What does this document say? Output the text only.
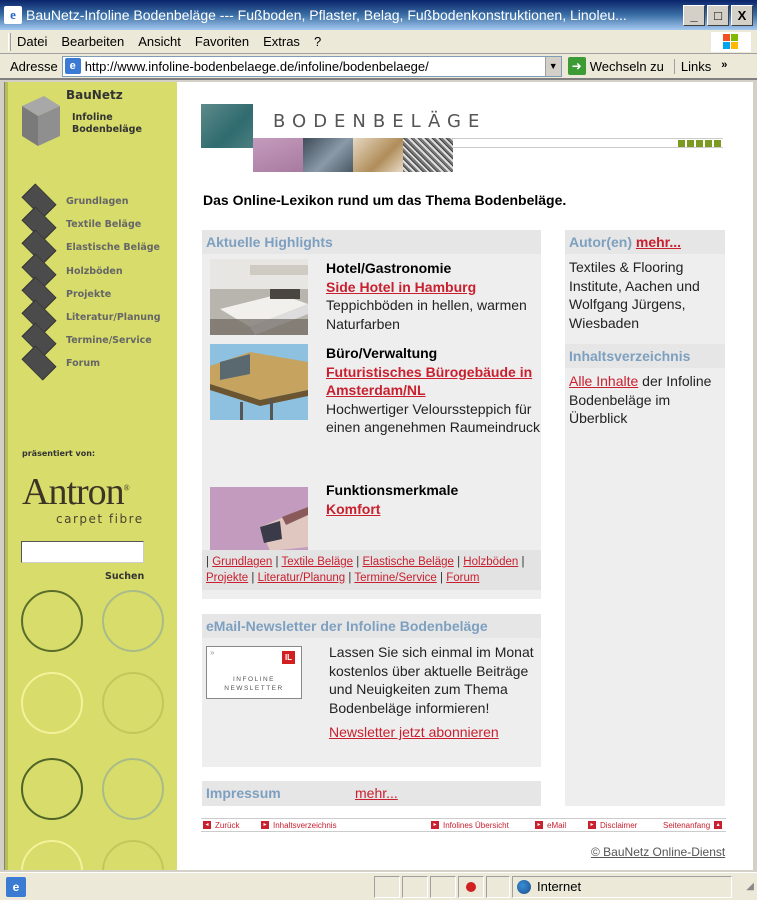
e BauNetz-Infoline Bodenbeläge --- Fußboden, Pflaster, Belag, Fußbodenkonstruktionen, Linoleu...	_	□	X
Datei Bearbeiten Ansicht Favoriten Extras ?
Adresse	e http://www.infoline-bodenbelaege.de/infoline/bodenbelaege/	▼	➜ Wechseln zu	Links »
BauNetz
Infoline
Bodenbeläge
Grundlagen
Textile Beläge
Elastische Beläge
Holzböden
Projekte
Literatur/Planung
Termine/Service
Forum
präsentiert von:
Antron®
carpet fibre
Suchen
BODENBELÄGE
Das Online-Lexikon rund um das Thema Bodenbeläge.
Aktuelle Highlights
Hotel/Gastronomie
Side Hotel in Hamburg
Teppichböden in hellen, warmen Naturfarben
Büro/Verwaltung
Futuristisches Bürogebäude in Amsterdam/NL
Hochwertiger Velourssteppich für einen angenehmen Raumeindruck
Funktionsmerkmale
Komfort
| Grundlagen | Textile Beläge | Elastische Beläge | Holzböden | Projekte | Literatur/Planung | Termine/Service | Forum
eMail-Newsletter der Infoline Bodenbeläge
»
IL
INFOLINE
NEWSLETTER
Lassen Sie sich einmal im Monat kostenlos über aktuelle Beiträge und Neuigkeiten zum Thema Bodenbeläge informieren!
Newsletter jetzt abonnieren
Impressum	mehr...
Autor(en) mehr...
Textiles & Flooring Institute, Aachen und Wolfgang Jürgens, Wiesbaden
Inhaltsverzeichnis
Alle Inhalte der Infoline Bodenbeläge im Überblick
◂ Zurück	▸ Inhaltsverzeichnis	▸ Infolines Übersicht	▸ eMail	▸ Disclaimer	Seitenanfang	▴
© BauNetz Online-Dienst
e	Internet	◢
